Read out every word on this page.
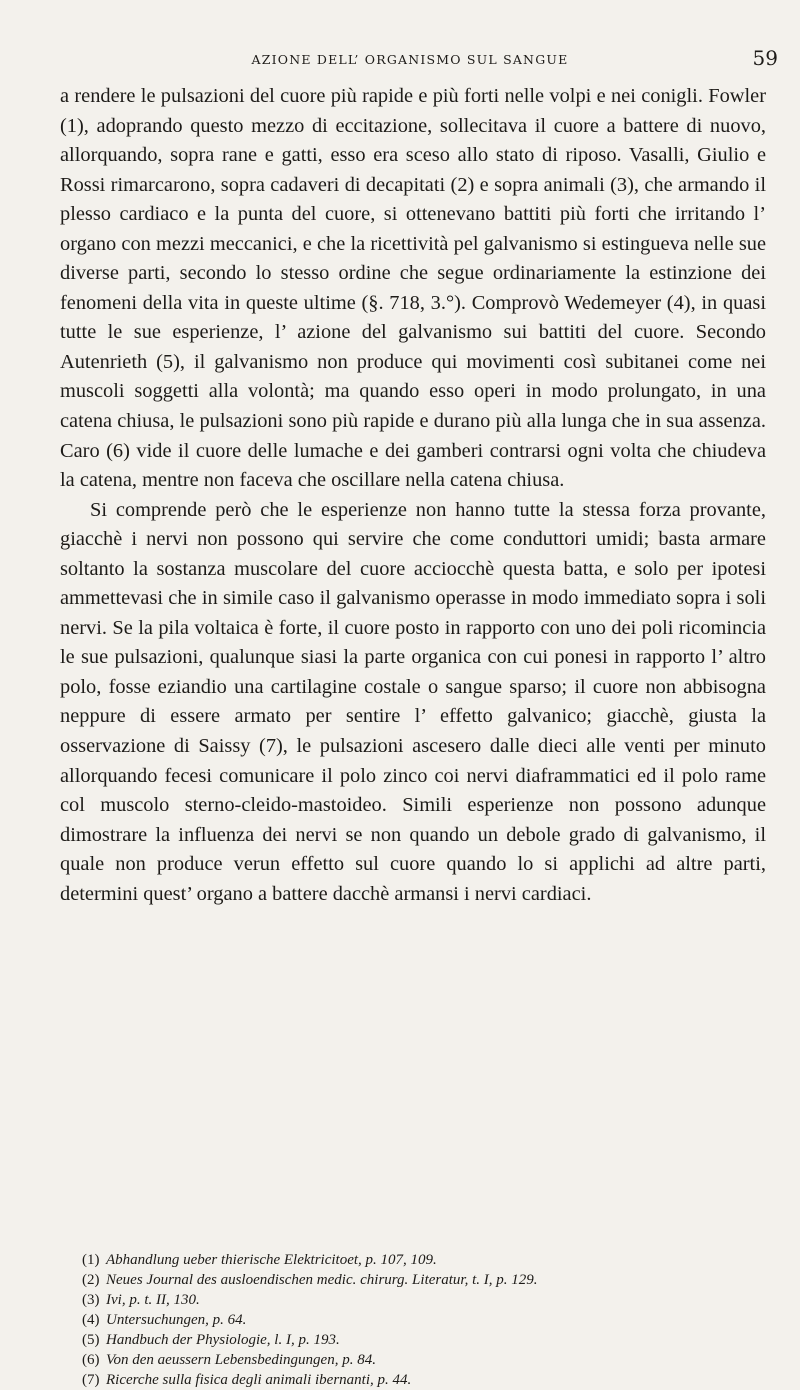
AZIONE DELL’ ORGANISMO SUL SANGUE	59

a rendere le pulsazioni del cuore più rapide e più forti nelle volpi e nei conigli. Fowler (1), adoprando questo mezzo di eccitazione, sollecitava il cuore a battere di nuovo, allorquando, sopra rane e gatti, esso era sceso allo stato di riposo. Vasalli, Giulio e Rossi rimarcarono, sopra cadaveri di decapitati (2) e sopra animali (3), che armando il plesso cardiaco e la punta del cuore, si ottenevano battiti più forti che irritando l’ organo con mezzi meccanici, e che la ricettività pel galvanismo si estingueva nelle sue diverse parti, secondo lo stesso ordine che segue ordinariamente la estinzione dei fenomeni della vita in queste ultime (§. 718, 3.°). Comprovò Wedemeyer (4), in quasi tutte le sue esperienze, l’ azione del galvanismo sui battiti del cuore. Secondo Autenrieth (5), il galvanismo non produce qui movimenti così subitanei come nei muscoli soggetti alla volontà; ma quando esso operi in modo prolungato, in una catena chiusa, le pulsazioni sono più rapide e durano più alla lunga che in sua assenza. Caro (6) vide il cuore delle lumache e dei gamberi contrarsi ogni volta che chiudeva la catena, mentre non faceva che oscillare nella catena chiusa.

Si comprende però che le esperienze non hanno tutte la stessa forza provante, giacchè i nervi non possono qui servire che come conduttori umidi; basta armare soltanto la sostanza muscolare del cuore acciocchè questa batta, e solo per ipotesi ammettevasi che in simile caso il galvanismo operasse in modo immediato sopra i soli nervi. Se la pila voltaica è forte, il cuore posto in rapporto con uno dei poli ricomincia le sue pulsazioni, qualunque siasi la parte organica con cui ponesi in rapporto l’ altro polo, fosse eziandio una cartilagine costale o sangue sparso; il cuore non abbisogna neppure di essere armato per sentire l’ effetto galvanico; giacchè, giusta la osservazione di Saissy (7), le pulsazioni ascesero dalle dieci alle venti per minuto allorquando fecesi comunicare il polo zinco coi nervi diaframmatici ed il polo rame col muscolo sterno-cleido-mastoideo. Simili esperienze non possono adunque dimostrare la influenza dei nervi se non quando un debole grado di galvanismo, il quale non produce verun effetto sul cuore quando lo si applichi ad altre parti, determini quest’ organo a battere dacchè armansi i nervi cardiaci.

(1) Abhandlung ueber thierische Elektricitoet, p. 107, 109.
(2) Neues Journal des ausloendischen medic. chirurg. Literatur, t. I, p. 129.
(3) Ivi, p. t. II, 130.
(4) Untersuchungen, p. 64.
(5) Handbuch der Physiologie, l. I, p. 193.
(6) Von den aeussern Lebensbedingungen, p. 84.
(7) Ricerche sulla fisica degli animali ibernanti, p. 44.
